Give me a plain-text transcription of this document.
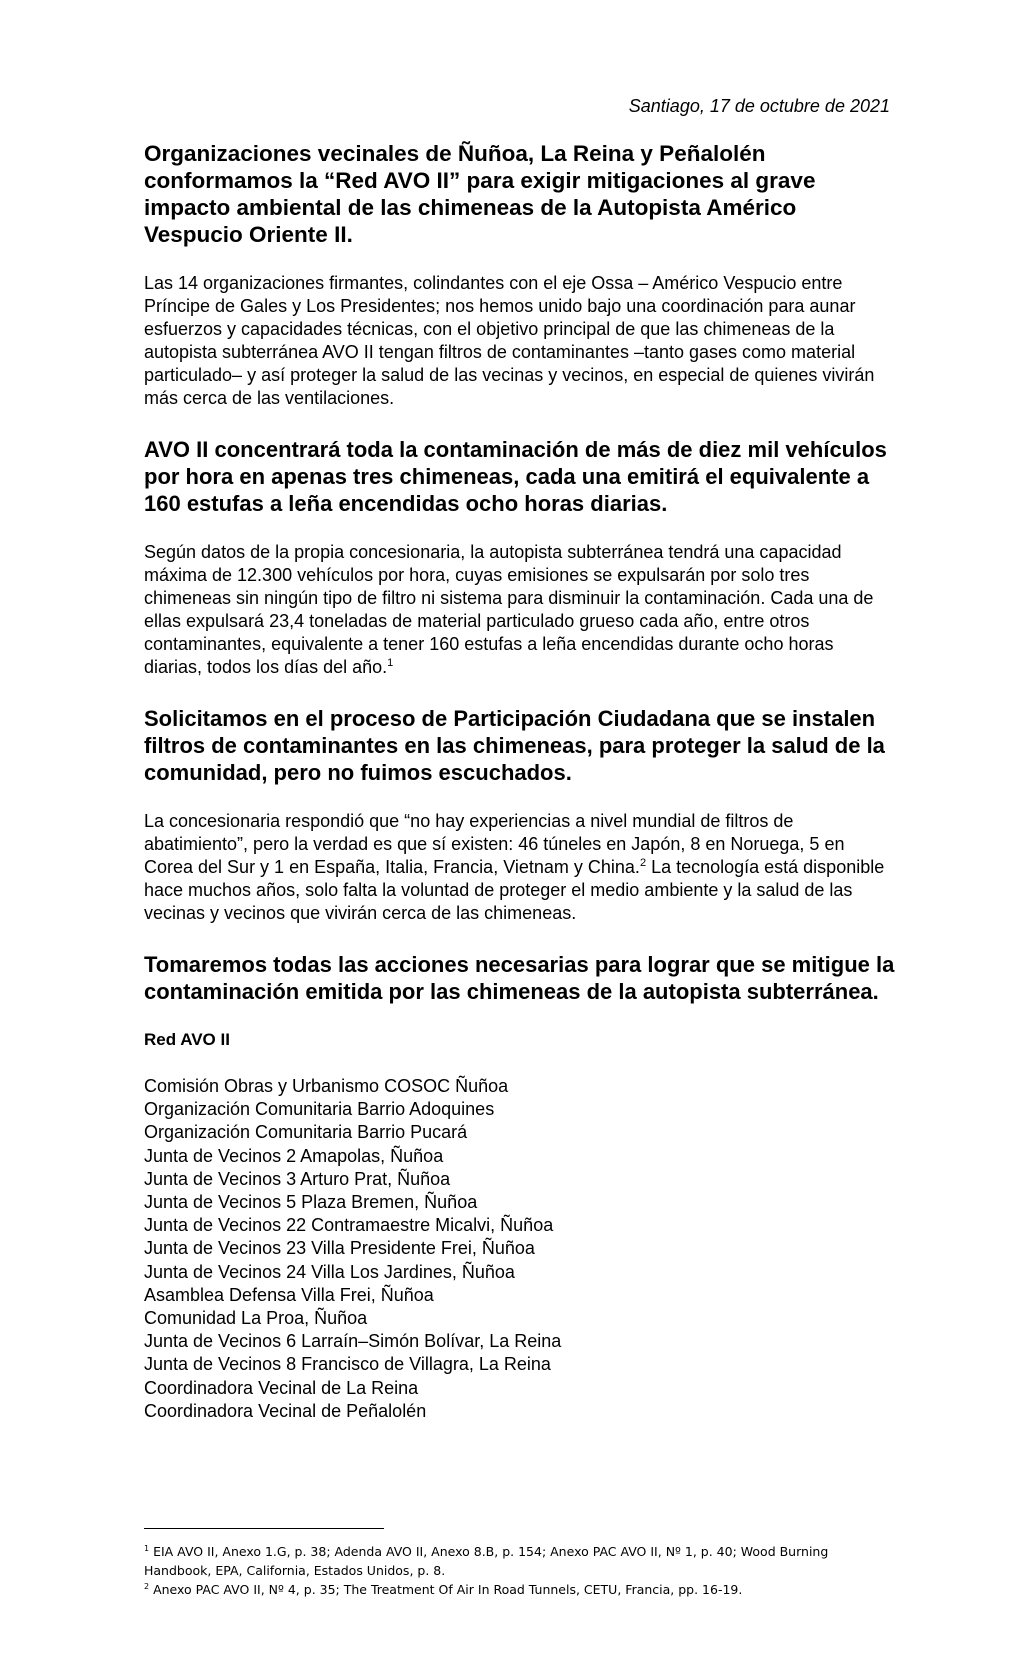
Santiago, 17 de octubre de 2021
Organizaciones vecinales de Ñuñoa, La Reina y Peñalolén conformamos la “Red AVO II” para exigir mitigaciones al grave impacto ambiental de las chimeneas de la Autopista Américo Vespucio Oriente II.

Las 14 organizaciones firmantes, colindantes con el eje Ossa – Américo Vespucio entre Príncipe de Gales y Los Presidentes; nos hemos unido bajo una coordinación para aunar esfuerzos y capacidades técnicas, con el objetivo principal de que las chimeneas de la autopista subterránea AVO II tengan filtros de contaminantes –tanto gases como material particulado– y así proteger la salud de las vecinas y vecinos, en especial de quienes vivirán más cerca de las ventilaciones.

AVO II concentrará toda la contaminación de más de diez mil vehículos por hora en apenas tres chimeneas, cada una emitirá el equivalente a 160 estufas a leña encendidas ocho horas diarias.

Según datos de la propia concesionaria, la autopista subterránea tendrá una capacidad máxima de 12.300 vehículos por hora, cuyas emisiones se expulsarán por solo tres chimeneas sin ningún tipo de filtro ni sistema para disminuir la contaminación. Cada una de ellas expulsará 23,4 toneladas de material particulado grueso cada año, entre otros contaminantes, equivalente a tener 160 estufas a leña encendidas durante ocho horas diarias, todos los días del año.$^1$

Solicitamos en el proceso de Participación Ciudadana que se instalen filtros de contaminantes en las chimeneas, para proteger la salud de la comunidad, pero no fuimos escuchados.

La concesionaria respondió que “no hay experiencias a nivel mundial de filtros de abatimiento”, pero la verdad es que sí existen: 46 túneles en Japón, 8 en Noruega, 5 en Corea del Sur y 1 en España, Italia, Francia, Vietnam y China.$^2$ La tecnología está disponible hace muchos años, solo falta la voluntad de proteger el medio ambiente y la salud de las vecinas y vecinos que vivirán cerca de las chimeneas.

Tomaremos todas las acciones necesarias para lograr que se mitigue la contaminación emitida por las chimeneas de la autopista subterránea.
Red AVO II
Comisión Obras y Urbanismo COSOC Ñuñoa
Organización Comunitaria Barrio Adoquines
Organización Comunitaria Barrio Pucará
Junta de Vecinos 2 Amapolas, Ñuñoa
Junta de Vecinos 3 Arturo Prat, Ñuñoa
Junta de Vecinos 5 Plaza Bremen, Ñuñoa
Junta de Vecinos 22 Contramaestre Micalvi, Ñuñoa
Junta de Vecinos 23 Villa Presidente Frei, Ñuñoa
Junta de Vecinos 24 Villa Los Jardines, Ñuñoa
Asamblea Defensa Villa Frei, Ñuñoa
Comunidad La Proa, Ñuñoa
Junta de Vecinos 6 Larraín–Simón Bolívar, La Reina
Junta de Vecinos 8 Francisco de Villagra, La Reina
Coordinadora Vecinal de La Reina
Coordinadora Vecinal de Peñalolén
$^1$ EIA AVO II, Anexo 1.G, p. 38; Adenda AVO II, Anexo 8.B, p. 154; Anexo PAC AVO II, Nº 1, p. 40; Wood Burning Handbook, EPA, California, Estados Unidos, p. 8.
$^2$ Anexo PAC AVO II, Nº 4, p. 35; The Treatment Of Air In Road Tunnels, CETU, Francia, pp. 16-19.
